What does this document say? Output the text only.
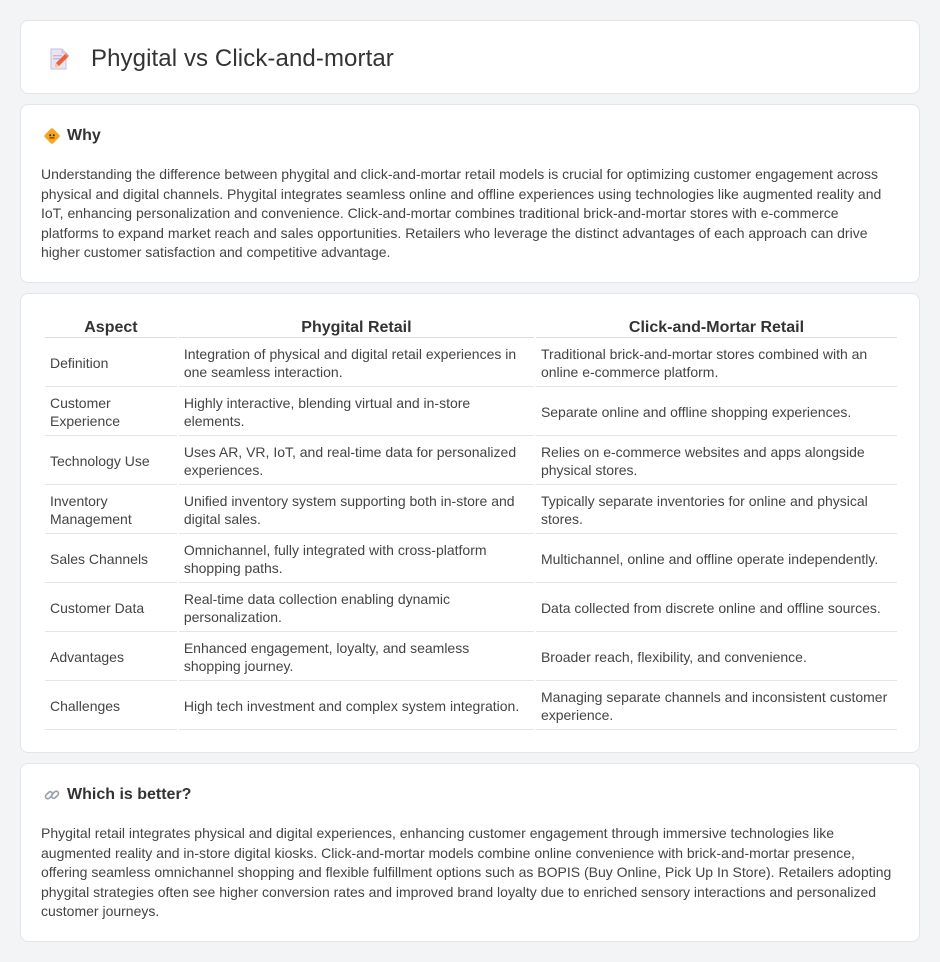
Phygital vs Click-and-mortar
Why

Understanding the difference between phygital and click-and-mortar retail models is crucial for optimizing customer engagement across physical and digital channels. Phygital integrates seamless online and offline experiences using technologies like augmented reality and IoT, enhancing personalization and convenience. Click-and-mortar combines traditional brick-and-mortar stores with e-commerce platforms to expand market reach and sales opportunities. Retailers who leverage the distinct advantages of each approach can drive higher customer satisfaction and competitive advantage.

Aspect	Phygital Retail	Click-and-Mortar Retail
Definition	Integration of physical and digital retail experiences in one seamless interaction.	Traditional brick-and-mortar stores combined with an online e-commerce platform.
Customer Experience	Highly interactive, blending virtual and in-store elements.	Separate online and offline shopping experiences.
Technology Use	Uses AR, VR, IoT, and real-time data for personalized experiences.	Relies on e-commerce websites and apps alongside physical stores.
Inventory Management	Unified inventory system supporting both in-store and digital sales.	Typically separate inventories for online and physical stores.
Sales Channels	Omnichannel, fully integrated with cross-platform shopping paths.	Multichannel, online and offline operate independently.
Customer Data	Real-time data collection enabling dynamic personalization.	Data collected from discrete online and offline sources.
Advantages	Enhanced engagement, loyalty, and seamless shopping journey.	Broader reach, flexibility, and convenience.
Challenges	High tech investment and complex system integration.	Managing separate channels and inconsistent customer experience.
Which is better?

Phygital retail integrates physical and digital experiences, enhancing customer engagement through immersive technologies like augmented reality and in-store digital kiosks. Click-and-mortar models combine online convenience with brick-and-mortar presence, offering seamless omnichannel shopping and flexible fulfillment options such as BOPIS (Buy Online, Pick Up In Store). Retailers adopting phygital strategies often see higher conversion rates and improved brand loyalty due to enriched sensory interactions and personalized customer journeys.
